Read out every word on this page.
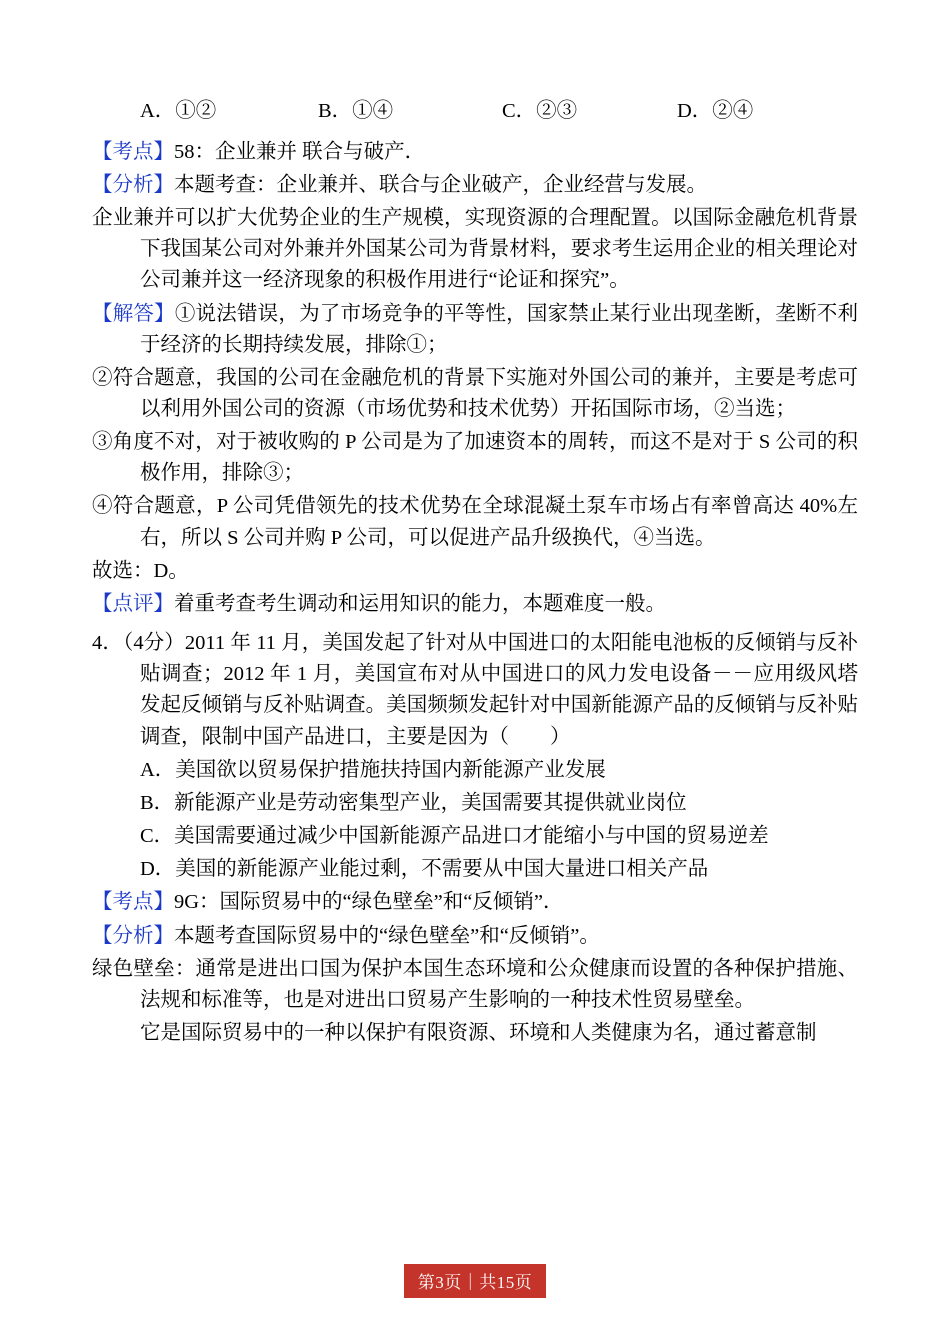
A．①②	B．①④	C．②③	D．②④
【考点】58：企业兼并 联合与破产．
【分析】本题考查：企业兼并、联合与企业破产，企业经营与发展。
企业兼并可以扩大优势企业的生产规模，实现资源的合理配置。以国际金融危机背景下我国某公司对外兼并外国某公司为背景材料，要求考生运用企业的相关理论对公司兼并这一经济现象的积极作用进行“论证和探究”。
【解答】①说法错误，为了市场竞争的平等性，国家禁止某行业出现垄断，垄断不利于经济的长期持续发展，排除①；
②符合题意，我国的公司在金融危机的背景下实施对外国公司的兼并，主要是考虑可以利用外国公司的资源（市场优势和技术优势）开拓国际市场，②当选；
③角度不对，对于被收购的 P 公司是为了加速资本的周转，而这不是对于 S 公司的积极作用，排除③；
④符合题意，P 公司凭借领先的技术优势在全球混凝土泵车市场占有率曾高达 40%左右，所以 S 公司并购 P 公司，可以促进产品升级换代，④当选。
故选：D。
【点评】着重考查考生调动和运用知识的能力，本题难度一般。
4．（4分）2011 年 11 月，美国发起了针对从中国进口的太阳能电池板的反倾销与反补贴调查；2012 年 1 月，美国宣布对从中国进口的风力发电设备－－应用级风塔发起反倾销与反补贴调查。美国频频发起针对中国新能源产品的反倾销与反补贴调查，限制中国产品进口，主要是因为（　　）
A．美国欲以贸易保护措施扶持国内新能源产业发展
B．新能源产业是劳动密集型产业，美国需要其提供就业岗位
C．美国需要通过减少中国新能源产品进口才能缩小与中国的贸易逆差
D．美国的新能源产业能过剩，不需要从中国大量进口相关产品
【考点】9G：国际贸易中的“绿色壁垒”和“反倾销”．
【分析】本题考查国际贸易中的“绿色壁垒”和“反倾销”。
绿色壁垒：通常是进出口国为保护本国生态环境和公众健康而设置的各种保护措施、法规和标准等，也是对进出口贸易产生影响的一种技术性贸易壁垒。
它是国际贸易中的一种以保护有限资源、环境和人类健康为名，通过蓄意制
第3页｜共15页
